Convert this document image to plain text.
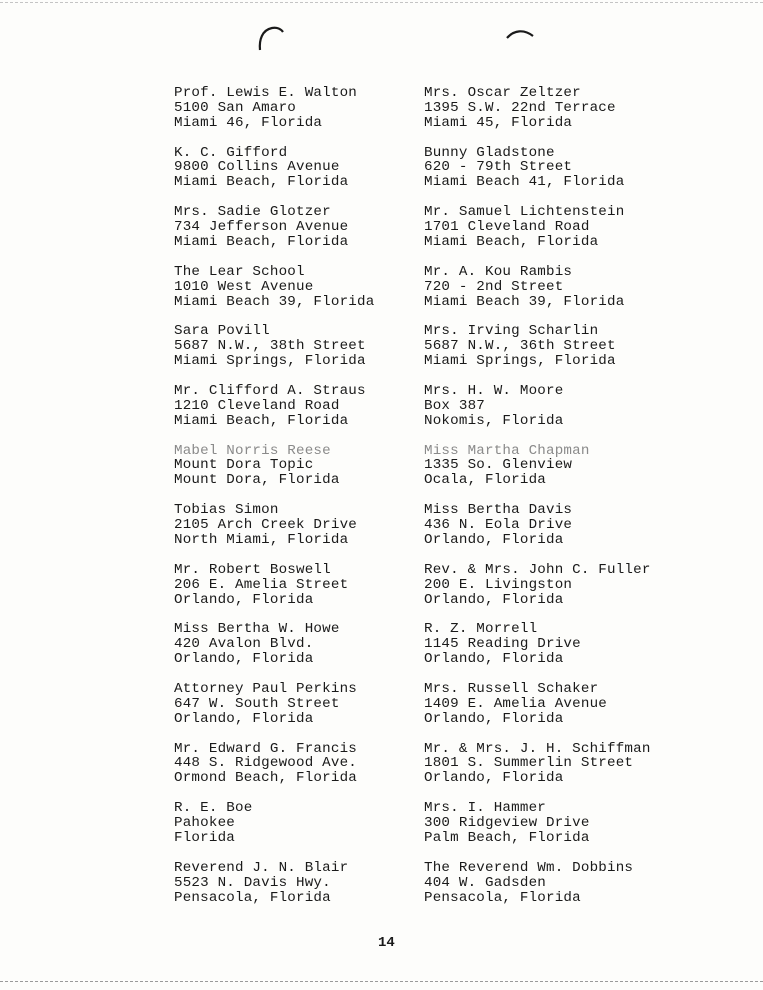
Prof. Lewis E. Walton
5100 San Amaro
Miami 46, Florida
K. C. Gifford
9800 Collins Avenue
Miami Beach, Florida
Mrs. Sadie Glotzer
734 Jefferson Avenue
Miami Beach, Florida
The Lear School
1010 West Avenue
Miami Beach 39, Florida
Sara Povill
5687 N.W., 38th Street
Miami Springs, Florida
Mr. Clifford A. Straus
1210 Cleveland Road
Miami Beach, Florida
Mabel Norris Reese
Mount Dora Topic
Mount Dora, Florida
Tobias Simon
2105 Arch Creek Drive
North Miami, Florida
Mr. Robert Boswell
206 E. Amelia Street
Orlando, Florida
Miss Bertha W. Howe
420 Avalon Blvd.
Orlando, Florida
Attorney Paul Perkins
647 W. South Street
Orlando, Florida
Mr. Edward G. Francis
448 S. Ridgewood Ave.
Ormond Beach, Florida
R. E. Boe
Pahokee
Florida
Reverend J. N. Blair
5523 N. Davis Hwy.
Pensacola, Florida
Mrs. Oscar Zeltzer
1395 S.W. 22nd Terrace
Miami 45, Florida
Bunny Gladstone
620 - 79th Street
Miami Beach 41, Florida
Mr. Samuel Lichtenstein
1701 Cleveland Road
Miami Beach, Florida
Mr. A. Kou Rambis
720 - 2nd Street
Miami Beach 39, Florida
Mrs. Irving Scharlin
5687 N.W., 36th Street
Miami Springs, Florida
Mrs. H. W. Moore
Box 387
Nokomis, Florida
Miss Martha Chapman
1335 So. Glenview
Ocala, Florida
Miss Bertha Davis
436 N. Eola Drive
Orlando, Florida
Rev. & Mrs. John C. Fuller
200 E. Livingston
Orlando, Florida
R. Z. Morrell
1145 Reading Drive
Orlando, Florida
Mrs. Russell Schaker
1409 E. Amelia Avenue
Orlando, Florida
Mr. & Mrs. J. H. Schiffman
1801 S. Summerlin Street
Orlando, Florida
Mrs. I. Hammer
300 Ridgeview Drive
Palm Beach, Florida
The Reverend Wm. Dobbins
404 W. Gadsden
Pensacola, Florida
14
